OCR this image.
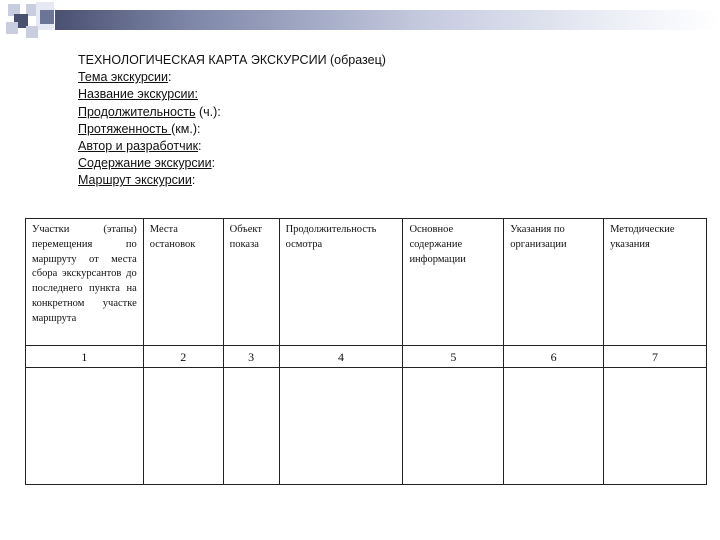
ТЕХНОЛОГИЧЕСКАЯ КАРТА ЭКСКУРСИИ (образец)
Тема экскурсии:
Название экскурсии:
Продолжительность (ч.):
Протяженность (км.):
Автор и разработчик:
Содержание экскурсии:
Маршрут экскурсии:
Участки (этапы) перемещения по маршруту от места сбора экскурсантов до последнего пункта на конкретном участке маршрута	Места остановок	Объект показа	Продолжительность осмотра	Основное содержание информации	Указания по организации	Методические указания
1	2	3	4	5	6	7
